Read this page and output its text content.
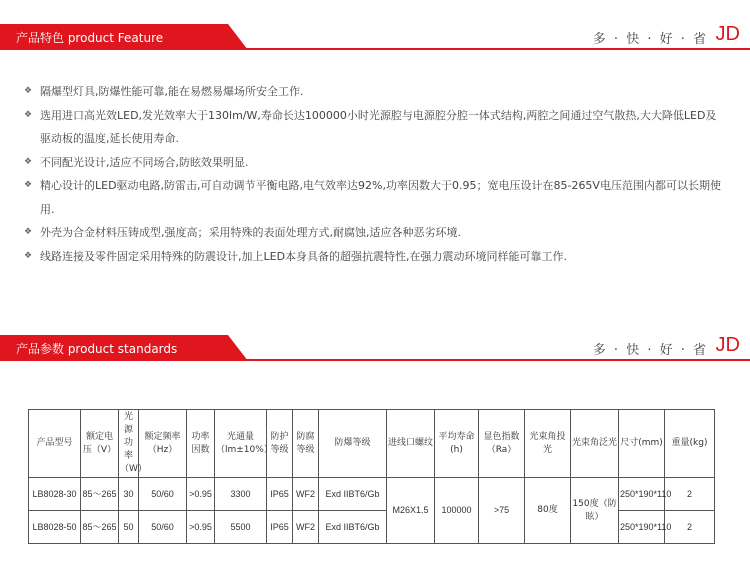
产品特色 product Feature	多 · 快 · 好 · 省 JD
❖ 隔爆型灯具,防爆性能可靠,能在易燃易爆场所安全工作.
❖ 选用进口高光效LED,发光效率大于130lm/W,寿命长达100000小时光源腔与电源腔分腔一体式结构,两腔之间通过空气散热,大大降低LED及驱动板的温度,延长使用寿命.
❖ 不同配光设计,适应不同场合,防眩效果明显.
❖ 精心设计的LED驱动电路,防雷击,可自动调节平衡电路,电气效率达92%,功率因数大于0.95；宽电压设计在85-265V电压范围内都可以长期使用.
❖ 外壳为合金材料压铸成型,强度高；采用特殊的表面处理方式,耐腐蚀,适应各种恶劣环境.
❖ 线路连接及零件固定采用特殊的防震设计,加上LED本身具备的超强抗震特性,在强力震动环境同样能可靠工作.
产品参数 product standards	多 · 快 · 好 · 省 JD
产品型号	额定电压（V）	光源功率（W）	额定频率（Hz）	功率因数	光通量（lm±10%）	防护等级	防腐等级	防爆等级	进线口螺纹	平均寿命(h)	显色指数（Ra）	光束角投光	光束角泛光	尺寸(mm)	重量(kg)
LB8028-30	85～265	30	50/60	>0.95	3300	IP65	WF2	Exd IIBT6/Gb	M26X1.5	100000	>75	80度	150度（防眩）	250*190*110	2
LB8028-50	85～265	50	50/60	>0.95	5500	IP65	WF2	Exd IIBT6/Gb						250*190*110	2
